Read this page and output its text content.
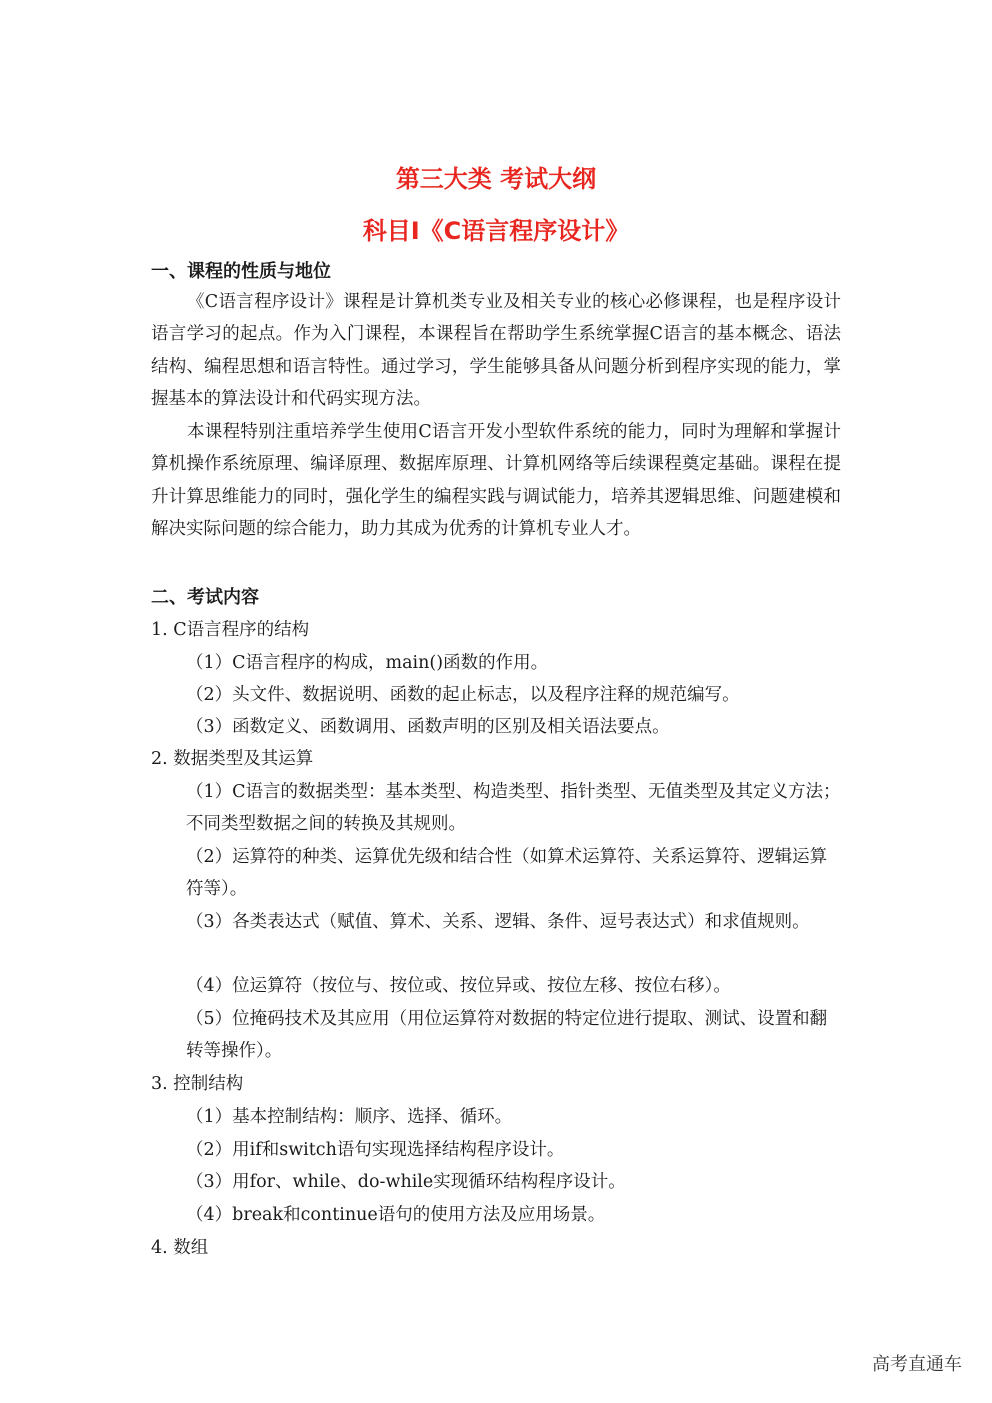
第三大类 考试大纲
科目Ⅰ《C语言程序设计》
一、课程的性质与地位

《C语言程序设计》课程是计算机类专业及相关专业的核心必修课程，也是程序设计语言学习的起点。作为入门课程，本课程旨在帮助学生系统掌握C语言的基本概念、语法结构、编程思想和语言特性。通过学习，学生能够具备从问题分析到程序实现的能力，掌握基本的算法设计和代码实现方法。

本课程特别注重培养学生使用C语言开发小型软件系统的能力，同时为理解和掌握计算机操作系统原理、编译原理、数据库原理、计算机网络等后续课程奠定基础。课程在提升计算思维能力的同时，强化学生的编程实践与调试能力，培养其逻辑思维、问题建模和解决实际问题的综合能力，助力其成为优秀的计算机专业人才。

二、考试内容
1. C语言程序的结构

（1）C语言程序的构成，main()函数的作用。

（2）头文件、数据说明、函数的起止标志，以及程序注释的规范编写。

（3）函数定义、函数调用、函数声明的区别及相关语法要点。

2. 数据类型及其运算

（1）C语言的数据类型：基本类型、构造类型、指针类型、无值类型及其定义方法；不同类型数据之间的转换及其规则。

（2）运算符的种类、运算优先级和结合性（如算术运算符、关系运算符、逻辑运算符等）。

（3）各类表达式（赋值、算术、关系、逻辑、条件、逗号表达式）和求值规则。

（4）位运算符（按位与、按位或、按位异或、按位左移、按位右移）。

（5）位掩码技术及其应用（用位运算符对数据的特定位进行提取、测试、设置和翻转等操作）。

3. 控制结构

（1）基本控制结构：顺序、选择、循环。

（2）用if和switch语句实现选择结构程序设计。

（3）用for、while、do-while实现循环结构程序设计。

（4）break和continue语句的使用方法及应用场景。

4. 数组
高考直通车
